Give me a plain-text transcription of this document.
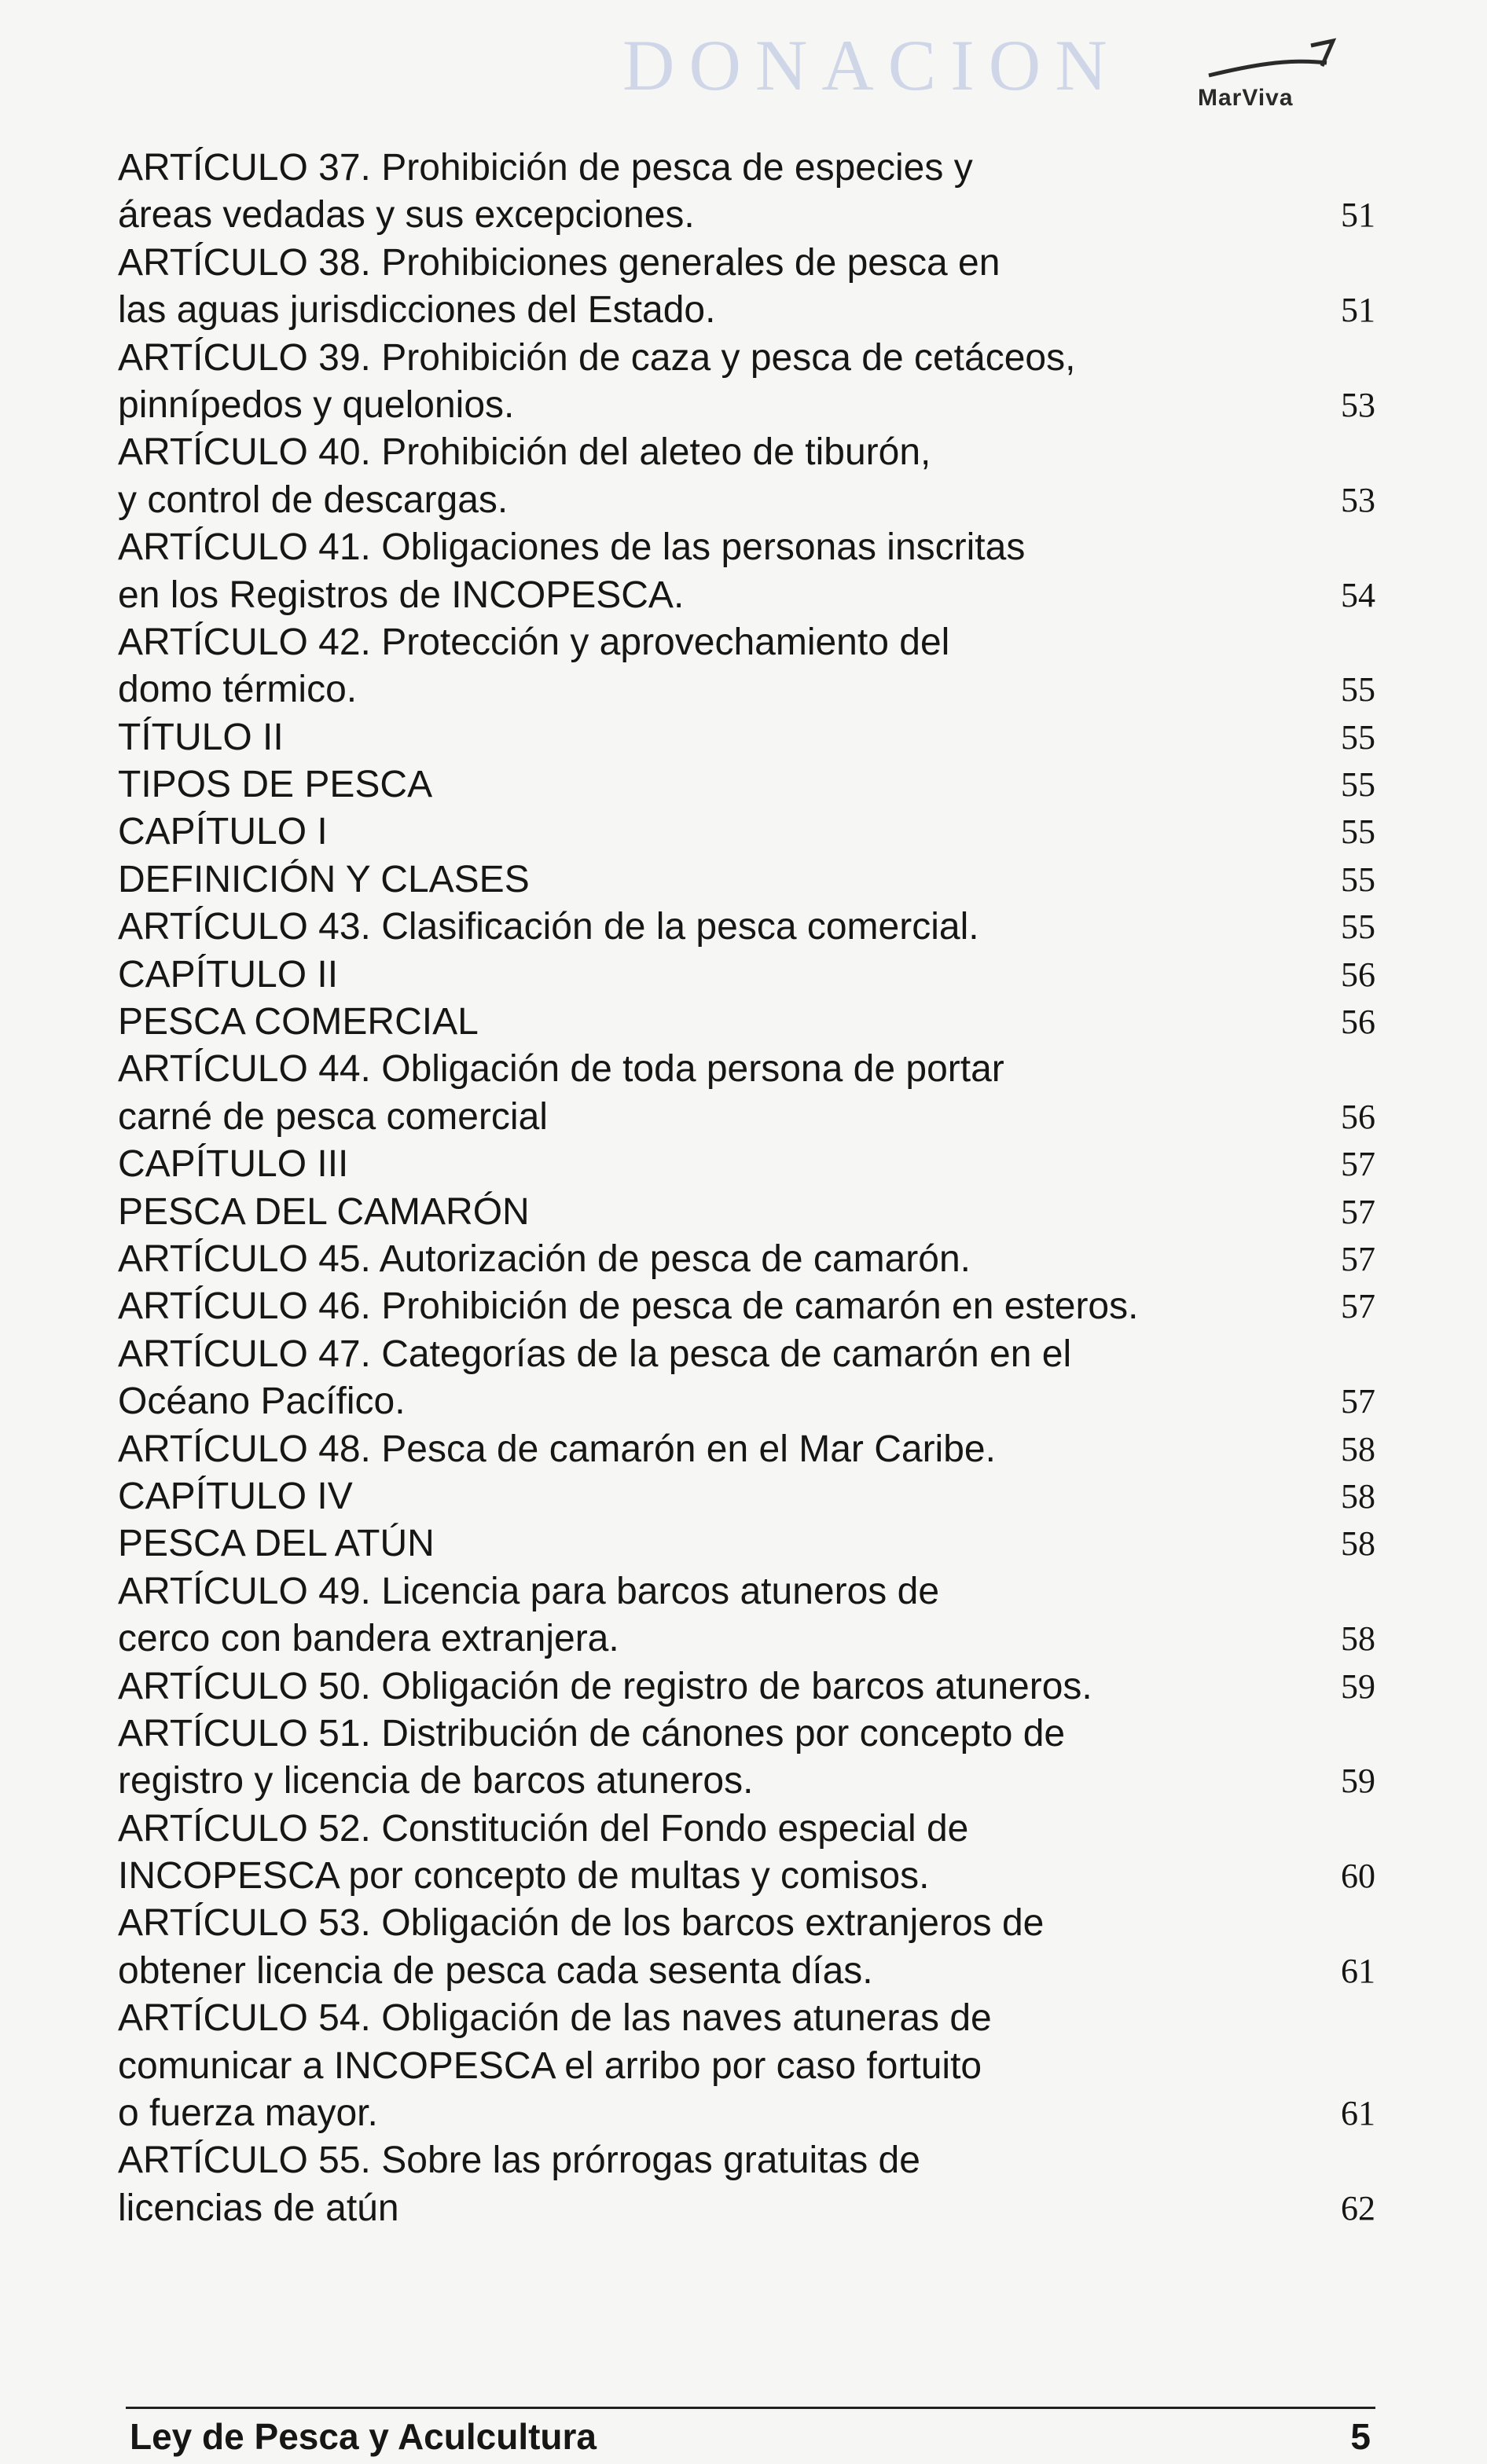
DONACION	MarViva
ARTÍCULO 37. Prohibición de pesca de especies y
áreas vedadas y sus excepciones.	51
ARTÍCULO 38. Prohibiciones generales de pesca en
las aguas jurisdicciones del Estado.	51
ARTÍCULO 39. Prohibición de caza y pesca de cetáceos,
pinnípedos y quelonios.	53
ARTÍCULO 40. Prohibición del aleteo de tiburón,
y control de descargas.	53
ARTÍCULO 41. Obligaciones de las personas inscritas
en los Registros de INCOPESCA.	54
ARTÍCULO 42. Protección y aprovechamiento del
domo térmico.	55
TÍTULO II	55
TIPOS DE PESCA	55
CAPÍTULO I	55
DEFINICIÓN Y CLASES	55
ARTÍCULO 43. Clasificación de la pesca comercial.	55
CAPÍTULO II	56
PESCA COMERCIAL	56
ARTÍCULO 44. Obligación de toda persona de portar
carné de pesca comercial	56
CAPÍTULO III	57
PESCA DEL CAMARÓN	57
ARTÍCULO 45. Autorización de pesca de camarón.	57
ARTÍCULO 46. Prohibición de pesca de camarón en esteros.	57
ARTÍCULO 47. Categorías de la pesca de camarón en el
Océano Pacífico.	57
ARTÍCULO 48. Pesca de camarón en el Mar Caribe.	58
CAPÍTULO IV	58
PESCA DEL ATÚN	58
ARTÍCULO 49. Licencia para barcos atuneros de
cerco con bandera extranjera.	58
ARTÍCULO 50. Obligación de registro de barcos atuneros.	59
ARTÍCULO 51. Distribución de cánones por concepto de
registro y licencia de barcos atuneros.	59
ARTÍCULO 52. Constitución del Fondo especial de
INCOPESCA por concepto de multas y comisos.	60
ARTÍCULO 53. Obligación de los barcos extranjeros de
obtener licencia de pesca cada sesenta días.	61
ARTÍCULO 54. Obligación de las naves atuneras de
comunicar a INCOPESCA el arribo por caso fortuito
o fuerza mayor.	61
ARTÍCULO 55. Sobre las prórrogas gratuitas de
licencias de atún	62
Ley de Pesca y Aculcultura	5
